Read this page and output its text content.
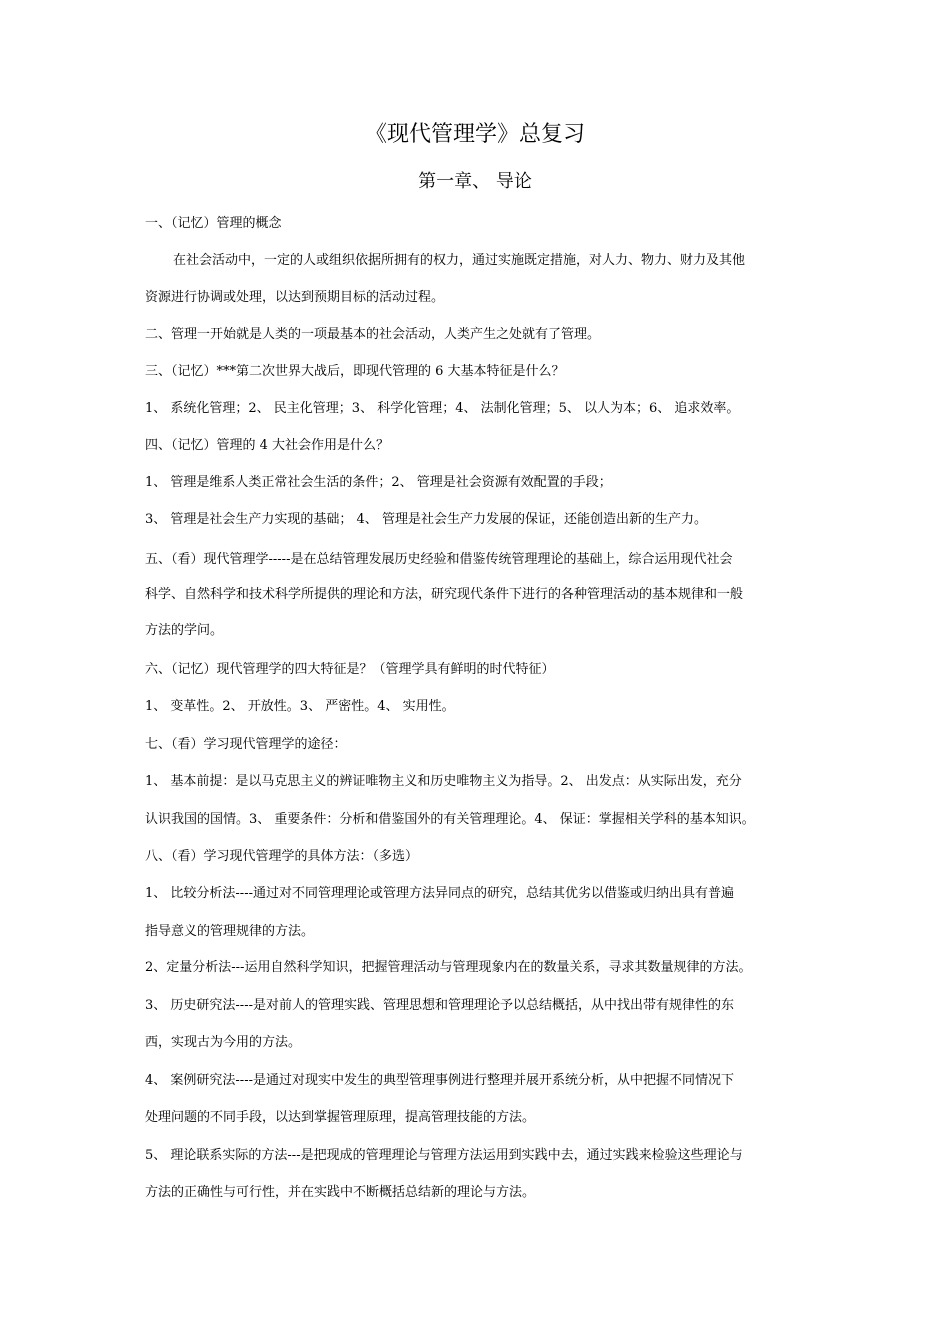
《现代管理学》总复习
第一章、 导论

一、（记忆）管理的概念

在社会活动中，一定的人或组织依据所拥有的权力，通过实施既定措施，对人力、物力、财力及其他

资源进行协调或处理，以达到预期目标的活动过程。

二、管理一开始就是人类的一项最基本的社会活动，人类产生之处就有了管理。

三、（记忆）***第二次世界大战后，即现代管理的 6 大基本特征是什么？

1、 系统化管理；2、 民主化管理；3、 科学化管理；4、 法制化管理；5、 以人为本；6、 追求效率。

四、（记忆）管理的 4 大社会作用是什么？

1、 管理是维系人类正常社会生活的条件；2、 管理是社会资源有效配置的手段；

3、 管理是社会生产力实现的基础； 4、 管理是社会生产力发展的保证，还能创造出新的生产力。

五、（看）现代管理学-----是在总结管理发展历史经验和借鉴传统管理理论的基础上，综合运用现代社会

科学、自然科学和技术科学所提供的理论和方法，研究现代条件下进行的各种管理活动的基本规律和一般

方法的学问。

六、（记忆）现代管理学的四大特征是？（管理学具有鲜明的时代特征）

1、 变革性。2、 开放性。3、 严密性。4、 实用性。

七、（看）学习现代管理学的途径：

1、 基本前提：是以马克思主义的辨证唯物主义和历史唯物主义为指导。2、 出发点：从实际出发，充分

认识我国的国情。3、 重要条件：分析和借鉴国外的有关管理理论。4、 保证：掌握相关学科的基本知识。

八、（看）学习现代管理学的具体方法：（多选）

1、 比较分析法----通过对不同管理理论或管理方法异同点的研究，总结其优劣以借鉴或归纳出具有普遍

指导意义的管理规律的方法。

2、定量分析法---运用自然科学知识，把握管理活动与管理现象内在的数量关系，寻求其数量规律的方法。

3、 历史研究法----是对前人的管理实践、管理思想和管理理论予以总结概括，从中找出带有规律性的东

西，实现古为今用的方法。

4、 案例研究法----是通过对现实中发生的典型管理事例进行整理并展开系统分析，从中把握不同情况下

处理问题的不同手段，以达到掌握管理原理，提高管理技能的方法。

5、 理论联系实际的方法---是把现成的管理理论与管理方法运用到实践中去，通过实践来检验这些理论与

方法的正确性与可行性，并在实践中不断概括总结新的理论与方法。
